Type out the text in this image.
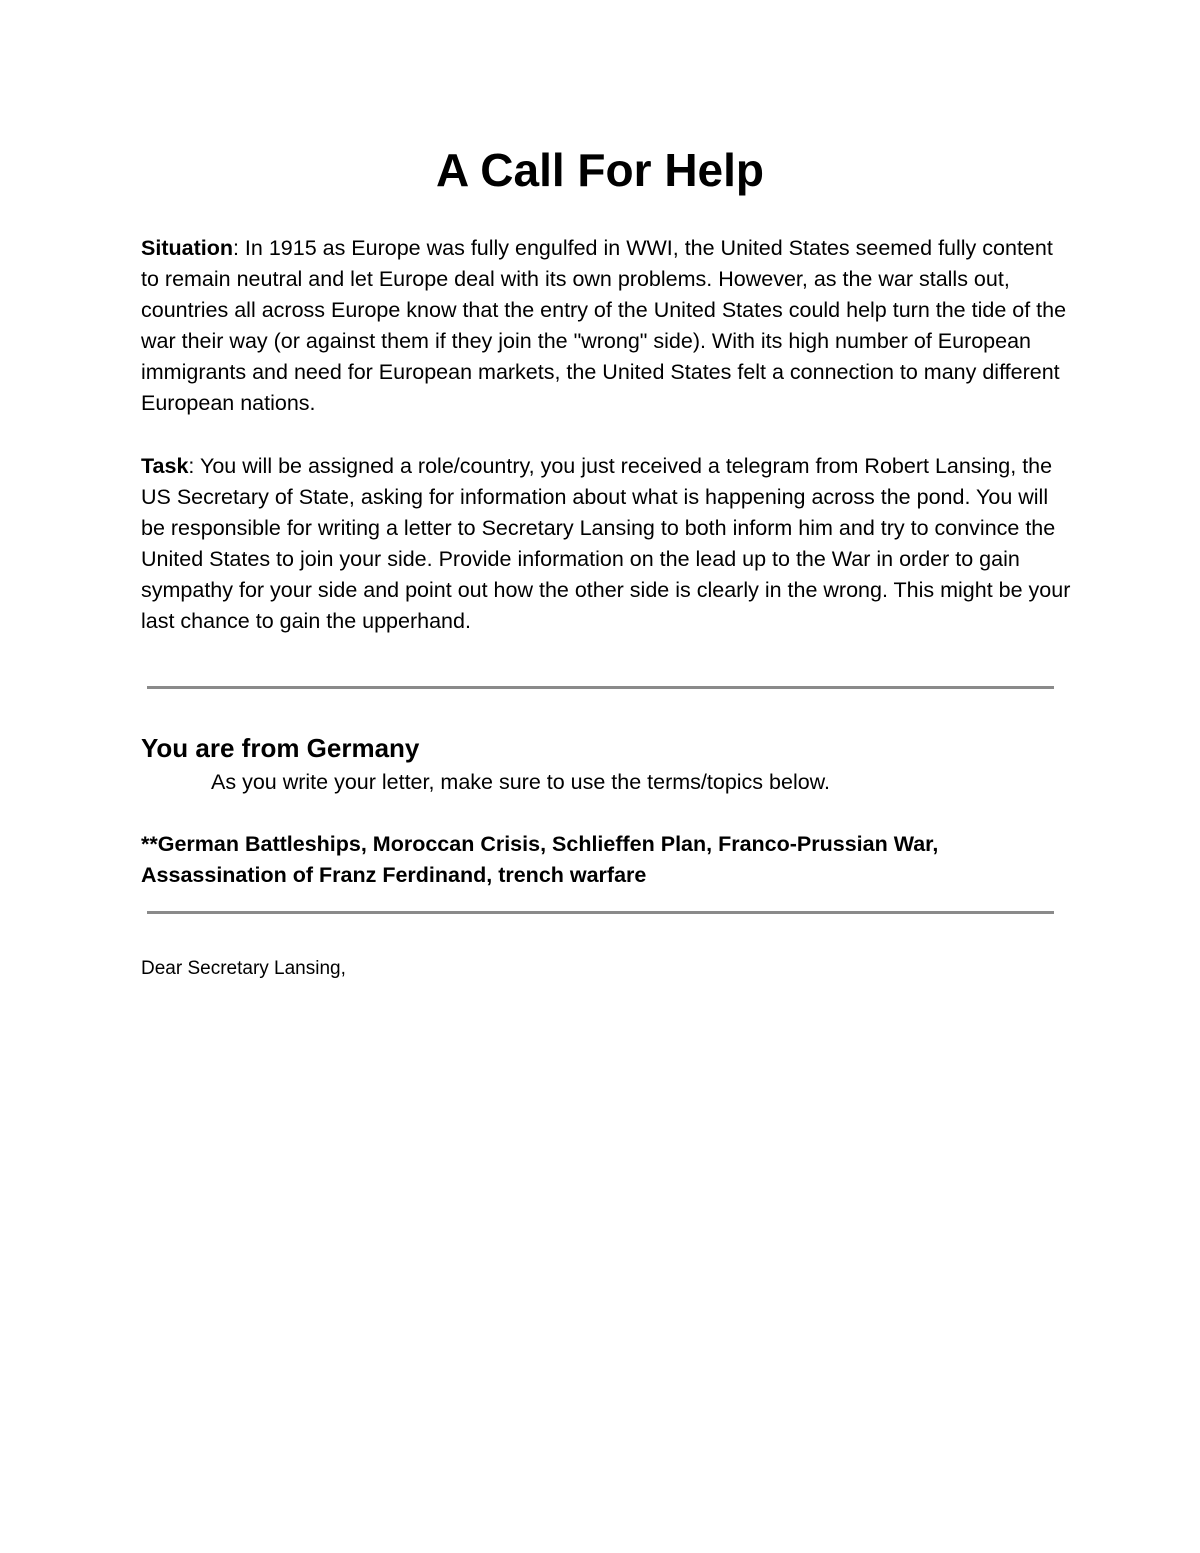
A Call For Help

Situation: In 1915 as Europe was fully engulfed in WWI, the United States seemed fully content to remain neutral and let Europe deal with its own problems. However, as the war stalls out, countries all across Europe know that the entry of the United States could help turn the tide of the war their way (or against them if they join the "wrong" side). With its high number of European immigrants and need for European markets, the United States felt a connection to many different European nations.

Task: You will be assigned a role/country, you just received a telegram from Robert Lansing, the US Secretary of State, asking for information about what is happening across the pond. You will be responsible for writing a letter to Secretary Lansing to both inform him and try to convince the United States to join your side. Provide information on the lead up to the War in order to gain sympathy for your side and point out how the other side is clearly in the wrong. This might be your last chance to gain the upperhand.

You are from Germany

As you write your letter, make sure to use the terms/topics below.

**German Battleships, Moroccan Crisis, Schlieffen Plan, Franco-Prussian War, Assassination of Franz Ferdinand, trench warfare

Dear Secretary Lansing,
